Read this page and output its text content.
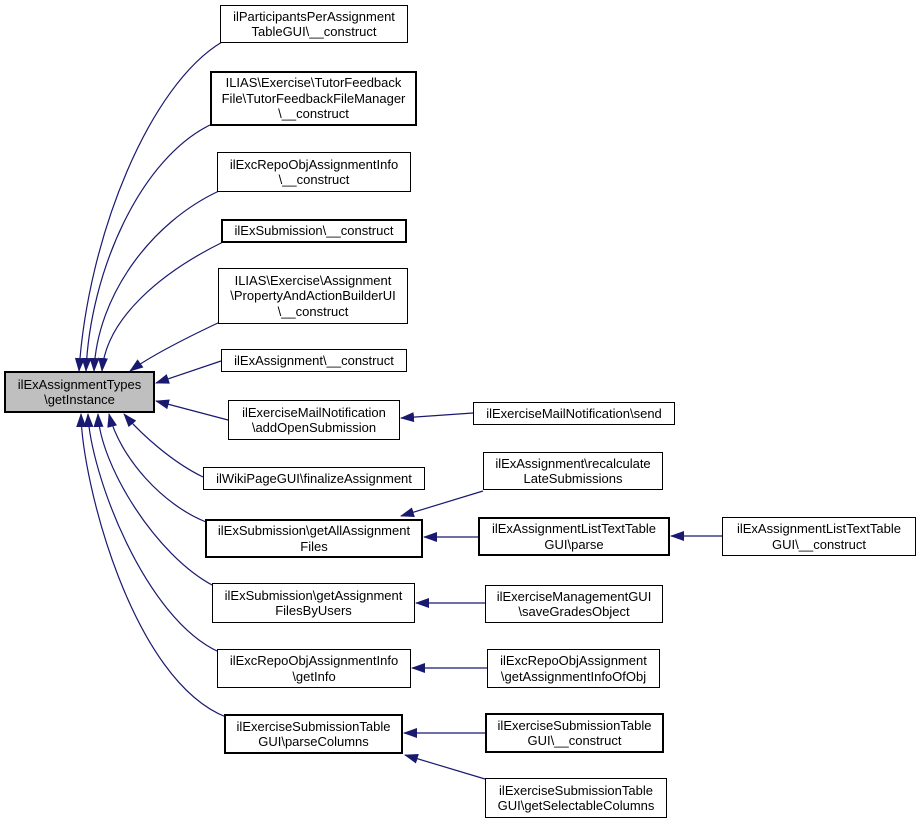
ilParticipantsPerAssignment
TableGUI\__construct
ILIAS\Exercise\TutorFeedback
File\TutorFeedbackFileManager
\__construct
ilExcRepoObjAssignmentInfo
\__construct
ilExSubmission\__construct
ILIAS\Exercise\Assignment
\PropertyAndActionBuilderUI
\__construct
ilExAssignment\__construct
ilExerciseMailNotification
\addOpenSubmission
ilWikiPageGUI\finalizeAssignment
ilExSubmission\getAllAssignment
Files
ilExSubmission\getAssignment
FilesByUsers
ilExcRepoObjAssignmentInfo
\getInfo
ilExerciseSubmissionTable
GUI\parseColumns
ilExerciseMailNotification\send
ilExAssignment\recalculate
LateSubmissions
ilExAssignmentListTextTable
GUI\parse
ilExAssignmentListTextTable
GUI\__construct
ilExerciseManagementGUI
\saveGradesObject
ilExcRepoObjAssignment
\getAssignmentInfoOfObj
ilExerciseSubmissionTable
GUI\__construct
ilExerciseSubmissionTable
GUI\getSelectableColumns
ilExAssignmentTypes
\getInstance
